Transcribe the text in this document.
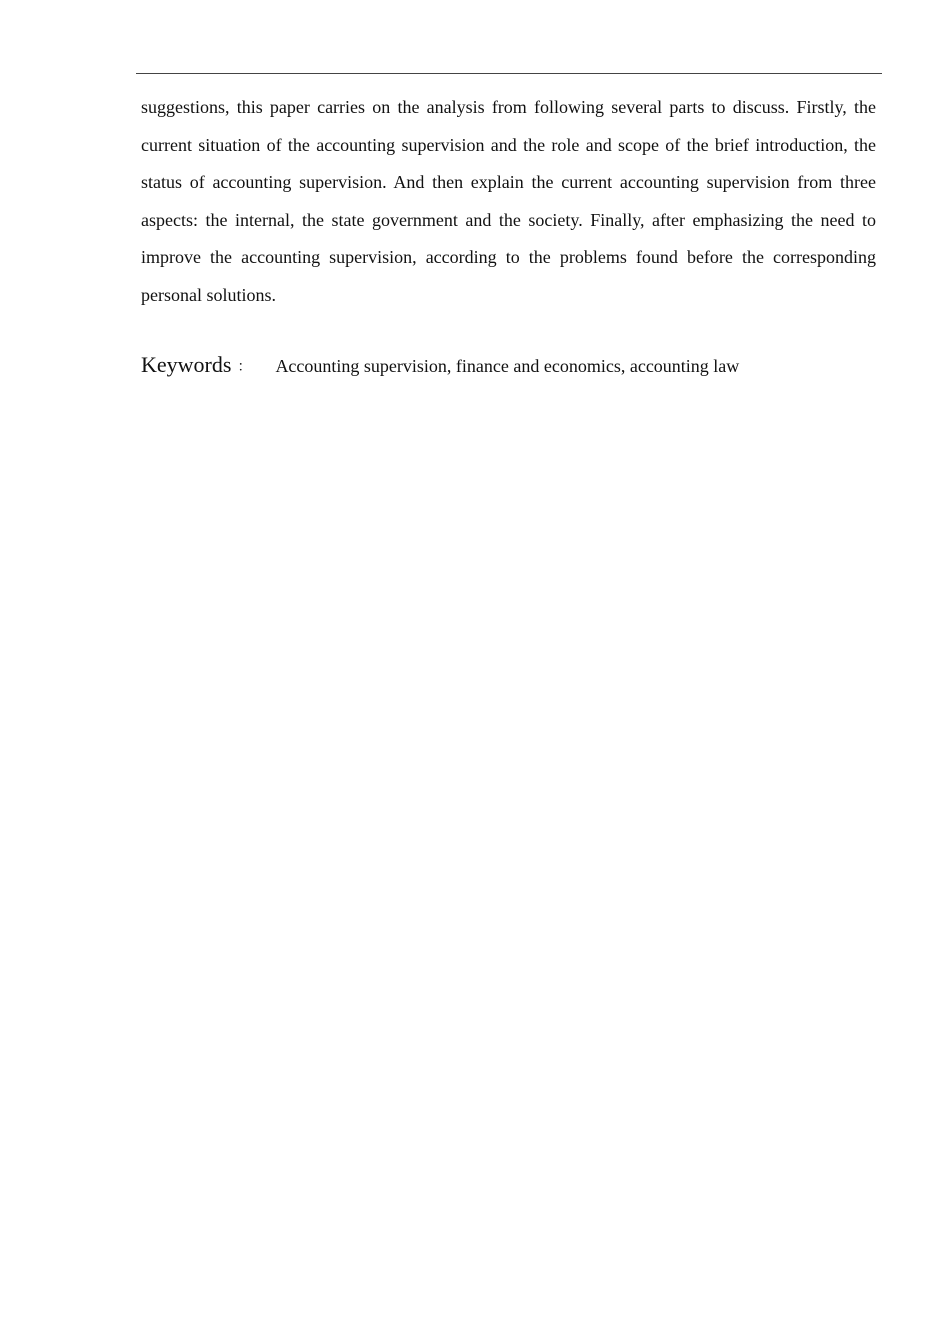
suggestions, this paper carries on the analysis from following several parts to discuss. Firstly, the current situation of the accounting supervision and the role and scope of the brief introduction, the status of accounting supervision. And then explain the current accounting supervision from three aspects: the internal, the state government and the society. Finally, after emphasizing the need to improve the accounting supervision, according to the problems found before the corresponding personal solutions.

Keywords ： Accounting supervision, finance and economics, accounting law
